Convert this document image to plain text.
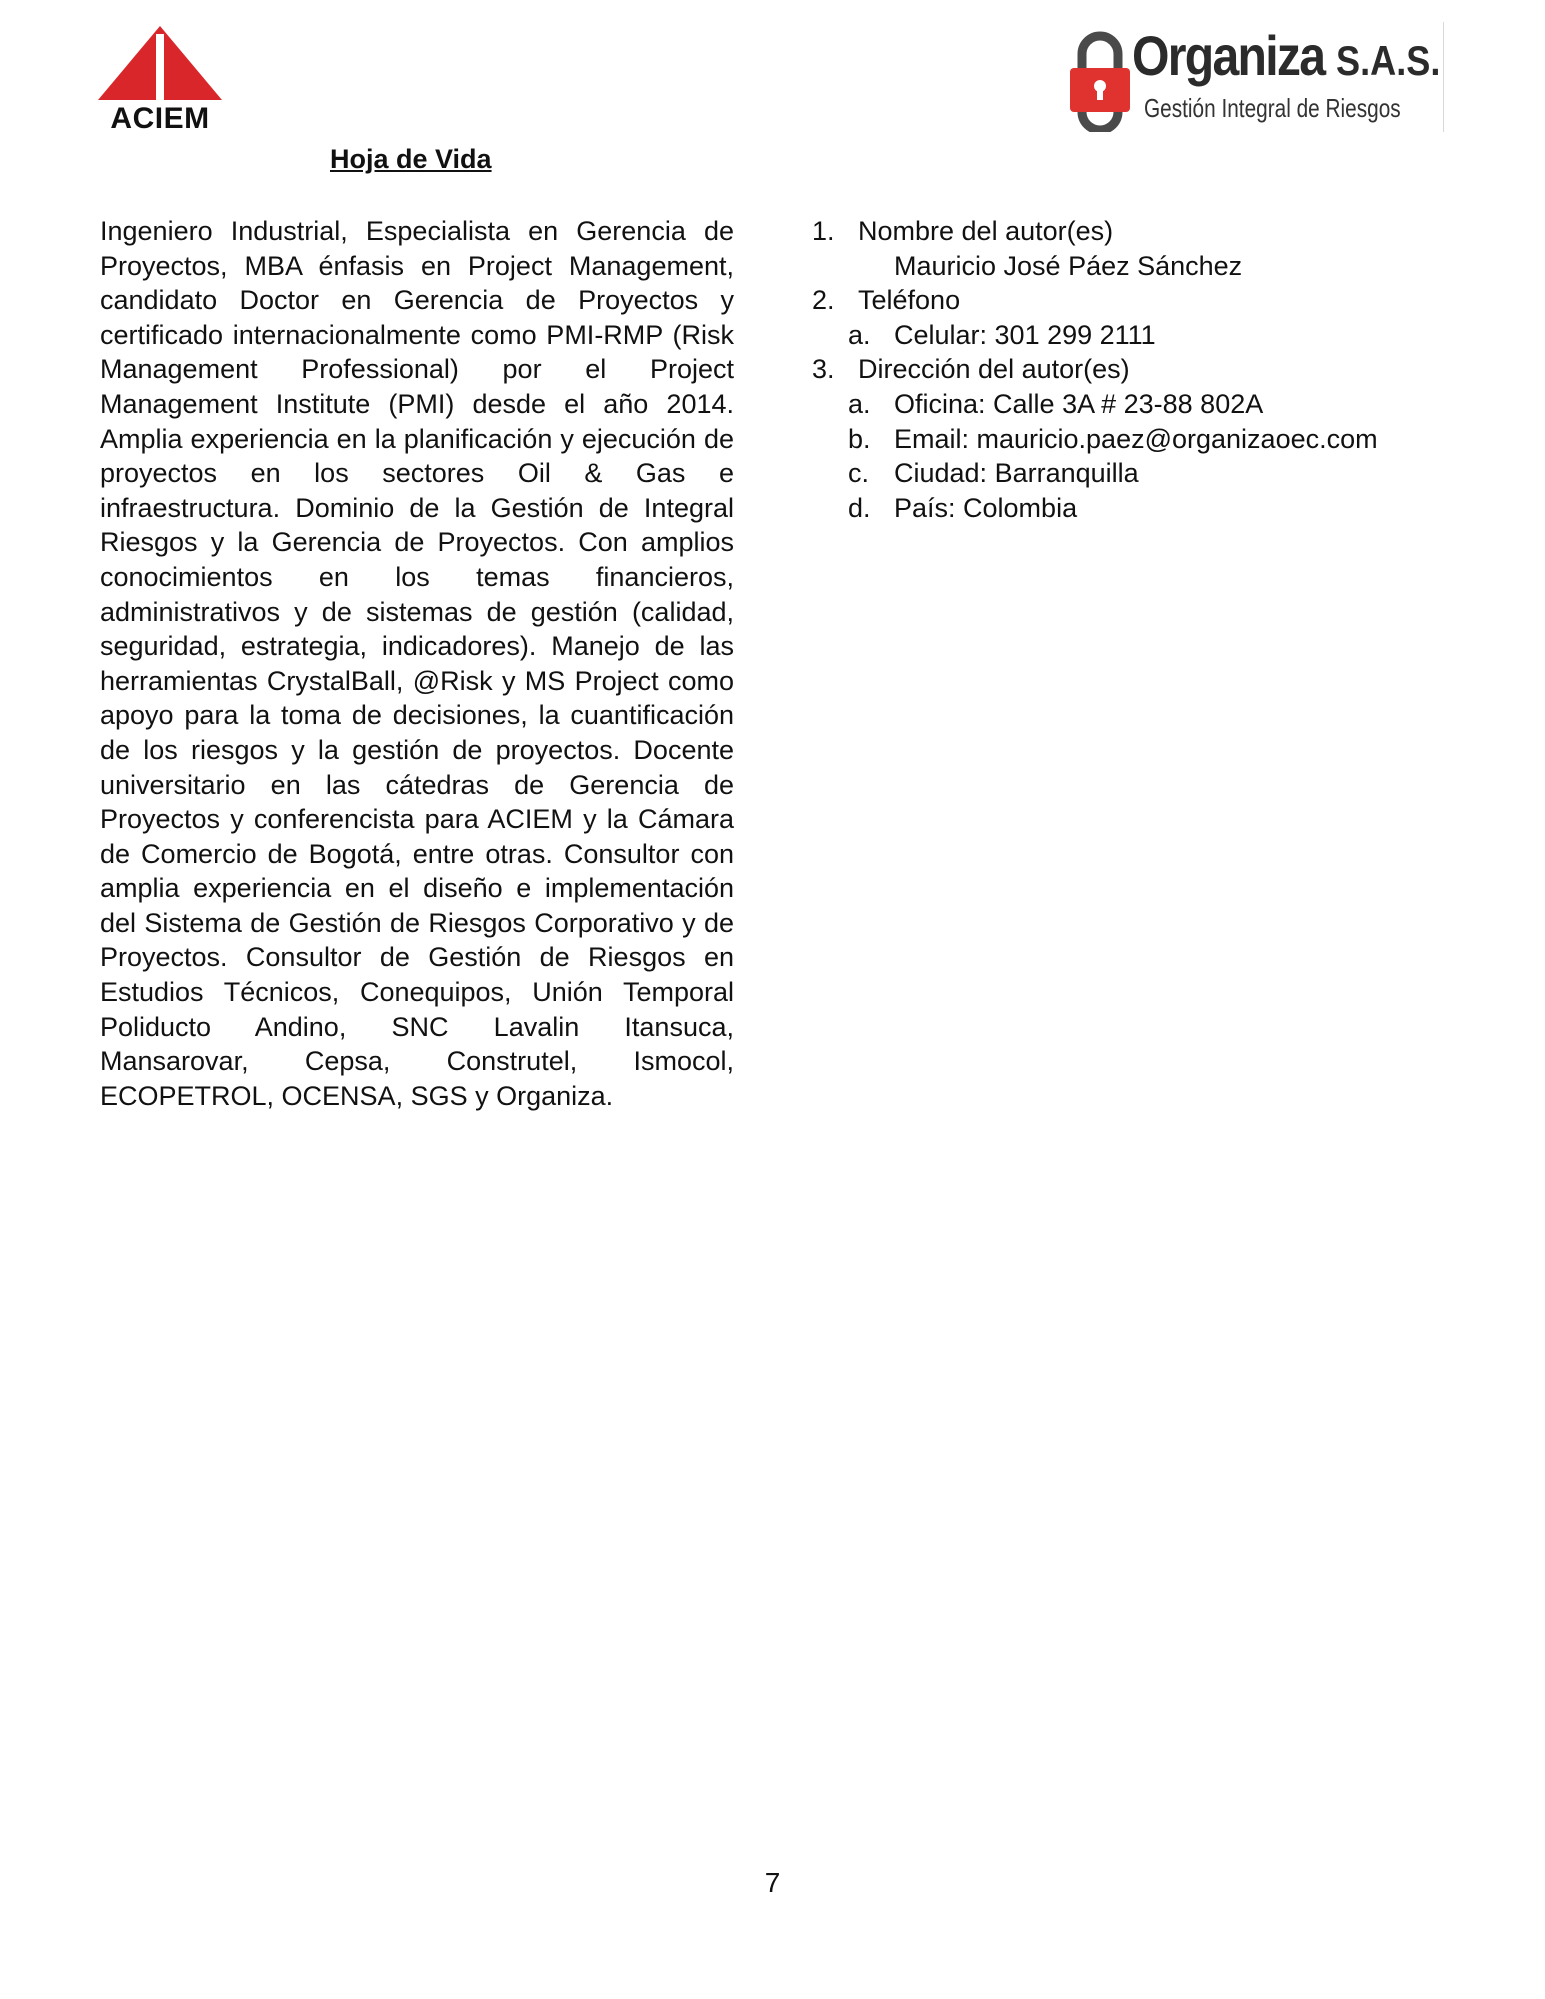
ACIEM
Organiza S.A.S.
Gestión Integral de Riesgos
Hoja de Vida

Ingeniero Industrial, Especialista en Gerencia de Proyectos, MBA énfasis en Project Management, candidato Doctor en Gerencia de Proyectos y certificado internacionalmente como PMI-RMP (Risk Management Professional) por el Project Management Institute (PMI) desde el año 2014. Amplia experiencia en la planificación y ejecución de proyectos en los sectores Oil & Gas e infraestructura. Dominio de la Gestión de Integral Riesgos y la Gerencia de Proyectos. Con amplios conocimientos en los temas financieros, administrativos y de sistemas de gestión (calidad, seguridad, estrategia, indicadores). Manejo de las herramientas CrystalBall, @Risk y MS Project como apoyo para la toma de decisiones, la cuantificación de los riesgos y la gestión de proyectos. Docente universitario en las cátedras de Gerencia de Proyectos y conferencista para ACIEM y la Cámara de Comercio de Bogotá, entre otras. Consultor con amplia experiencia en el diseño e implementación del Sistema de Gestión de Riesgos Corporativo y de Proyectos. Consultor de Gestión de Riesgos en Estudios Técnicos, Conequipos, Unión Temporal Poliducto Andino, SNC Lavalin Itansuca, Mansarovar, Cepsa, Construtel, Ismocol, ECOPETROL, OCENSA, SGS y Organiza.

1. Nombre del autor(es)
Mauricio José Páez Sánchez
2. Teléfono
a. Celular: 301 299 2111
3. Dirección del autor(es)
a. Oficina: Calle 3A # 23-88 802A
b. Email: mauricio.paez@organizaoec.com
c. Ciudad: Barranquilla
d. País: Colombia
7
